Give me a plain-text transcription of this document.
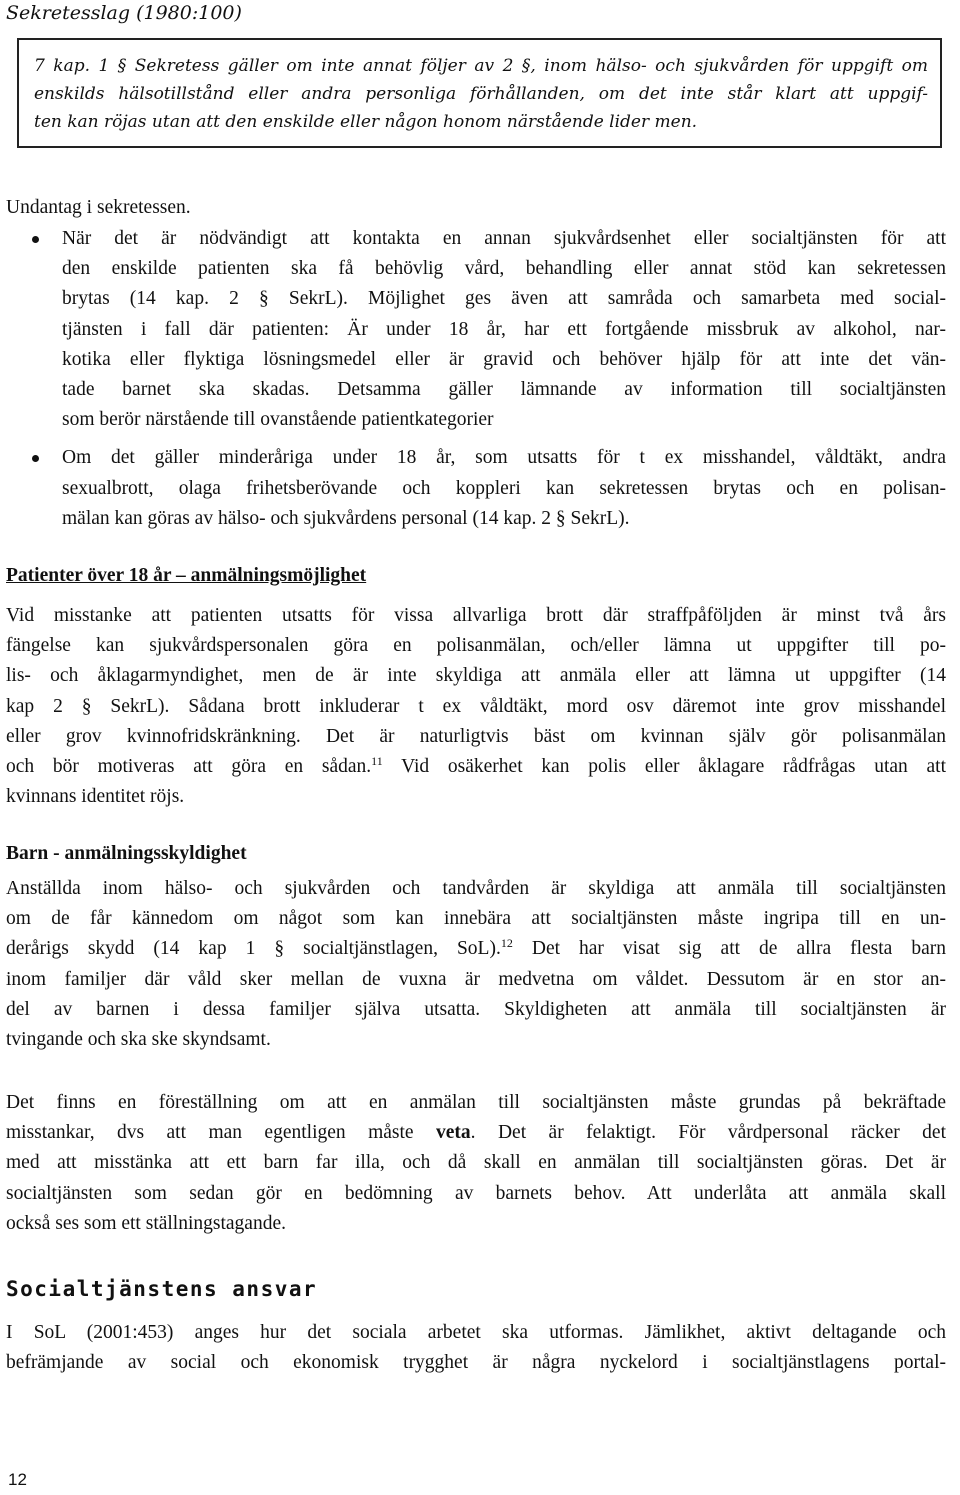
Sekretesslag (1980:100)
7 kap. 1 § Sekretess gäller om inte annat följer av 2 §, inom hälso- och sjukvården för uppgift om
enskilds hälsotillstånd eller andra personliga förhållanden, om det inte står klart att uppgif-
ten kan röjas utan att den enskilde eller någon honom närstående lider men.
Undantag i sekretessen.
När det är nödvändigt att kontakta en annan sjukvårdsenhet eller socialtjänsten för att
den enskilde patienten ska få behövlig vård, behandling eller annat stöd kan sekretessen
brytas (14 kap. 2 § SekrL). Möjlighet ges även att samråda och samarbeta med social-
tjänsten i fall där patienten: Är under 18 år, har ett fortgående missbruk av alkohol, nar-
kotika eller flyktiga lösningsmedel eller är gravid och behöver hjälp för att inte det vän-
tade barnet ska skadas. Detsamma gäller lämnande av information till socialtjänsten
som berör närstående till ovanstående patientkategorier
Om det gäller minderåriga under 18 år, som utsatts för t ex misshandel, våldtäkt, andra
sexualbrott, olaga frihetsberövande och koppleri kan sekretessen brytas och en polisan-
mälan kan göras av hälso- och sjukvårdens personal (14 kap. 2 § SekrL).
Patienter över 18 år – anmälningsmöjlighet
Vid misstanke att patienten utsatts för vissa allvarliga brott där straffpåföljden är minst två års
fängelse kan sjukvårdspersonalen göra en polisanmälan, och/eller lämna ut uppgifter till po-
lis- och åklagarmyndighet, men de är inte skyldiga att anmäla eller att lämna ut uppgifter (14
kap 2 § SekrL). Sådana brott inkluderar t ex våldtäkt, mord osv däremot inte grov misshandel
eller grov kvinnofridskränkning. Det är naturligtvis bäst om kvinnan själv gör polisanmälan
och bör motiveras att göra en sådan.$^{11}$ Vid osäkerhet kan polis eller åklagare rådfrågas utan att
kvinnans identitet röjs.
Barn - anmälningsskyldighet
Anställda inom hälso- och sjukvården och tandvården är skyldiga att anmäla till socialtjänsten
om de får kännedom om något som kan innebära att socialtjänsten måste ingripa till en un-
derårigs skydd (14 kap 1 § socialtjänstlagen, SoL).$^{12}$ Det har visat sig att de allra flesta barn
inom familjer där våld sker mellan de vuxna är medvetna om våldet. Dessutom är en stor an-
del av barnen i dessa familjer själva utsatta. Skyldigheten att anmäla till socialtjänsten är
tvingande och ska ske skyndsamt.
Det finns en föreställning om att en anmälan till socialtjänsten måste grundas på bekräftade
misstankar, dvs att man egentligen måste veta. Det är felaktigt. För vårdpersonal räcker det
med att misstänka att ett barn far illa, och då skall en anmälan till socialtjänsten göras. Det är
socialtjänsten som sedan gör en bedömning av barnets behov. Att underlåta att anmäla skall
också ses som ett ställningstagande.
Socialtjänstens ansvar
I SoL (2001:453) anges hur det sociala arbetet ska utformas. Jämlikhet, aktivt deltagande och
befrämjande av social och ekonomisk trygghet är några nyckelord i socialtjänstlagens portal-
12
